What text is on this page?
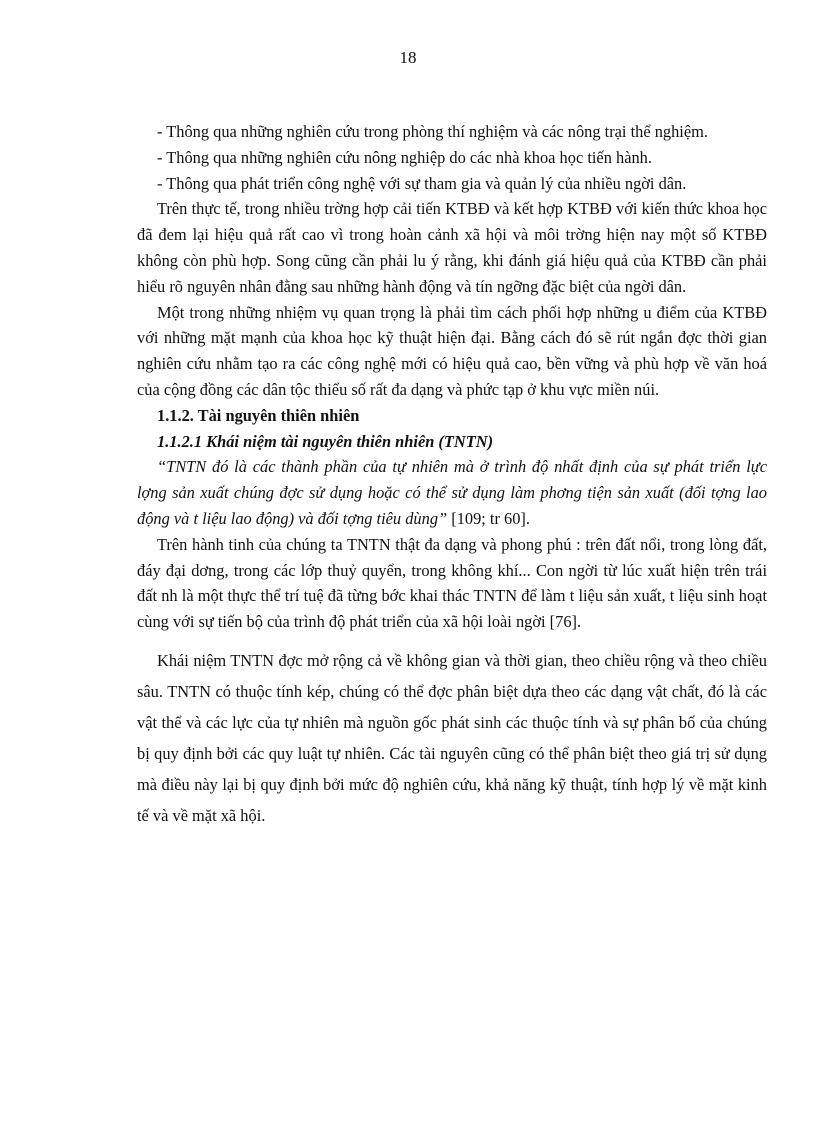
18

- Thông qua những nghiên cứu trong phòng thí nghiệm và các nông trại thể nghiệm.

- Thông qua những nghiên cứu nông nghiệp do các nhà khoa học tiến hành.

- Thông qua phát triển công nghệ với sự tham gia và quản lý của nhiều ngời dân.

Trên thực tế, trong nhiều trờng hợp cải tiến KTBĐ và kết hợp KTBĐ với kiến thức khoa học đã đem lại hiệu quả rất cao vì trong hoàn cảnh xã hội và môi trờng hiện nay một số KTBĐ không còn phù hợp. Song cũng cần phải lu ý rằng, khi đánh giá hiệu quả của KTBĐ cần phải hiểu rõ nguyên nhân đằng sau những hành động và tín ngỡng đặc biệt của ngời dân.

Một trong những nhiệm vụ quan trọng là phải tìm cách phối hợp những u điểm của KTBĐ với những mặt mạnh của khoa học kỹ thuật hiện đại. Bằng cách đó sẽ rút ngắn đợc thời gian nghiên cứu nhằm tạo ra các công nghệ mới có hiệu quả cao, bền vững và phù hợp về văn hoá của cộng đồng các dân tộc thiểu số rất đa dạng và phức tạp ở khu vực miền núi.

1.1.2. Tài nguyên thiên nhiên

1.1.2.1 Khái niệm tài nguyên thiên nhiên (TNTN)

“TNTN đó là các thành phần của tự nhiên mà ở trình độ nhất định của sự phát triển lực lợng sản xuất chúng đợc sử dụng hoặc có thể sử dụng làm phơng tiện sản xuất (đối tợng lao động và t liệu lao động) và đối tợng tiêu dùng” [109; tr 60].

Trên hành tinh của chúng ta TNTN thật đa dạng và phong phú : trên đất nổi, trong lòng đất, đáy đại dơng, trong các lớp thuỷ quyển, trong không khí... Con ngời từ lúc xuất hiện trên trái đất nh là một thực thể trí tuệ đã từng bớc khai thác TNTN để làm t liệu sản xuất, t liệu sinh hoạt cùng với sự tiến bộ của trình độ phát triển của xã hội loài ngời [76].

Khái niệm TNTN đợc mở rộng cả về không gian và thời gian, theo chiều rộng và theo chiều sâu. TNTN có thuộc tính kép, chúng có thể đợc phân biệt dựa theo các dạng vật chất, đó là các vật thể và các lực của tự nhiên mà nguồn gốc phát sinh các thuộc tính và sự phân bố của chúng bị quy định bởi các quy luật tự nhiên. Các tài nguyên cũng có thể phân biệt theo giá trị sử dụng mà điều này lại bị quy định bởi mức độ nghiên cứu, khả năng kỹ thuật, tính hợp lý về mặt kinh tế và về mặt xã hội.
